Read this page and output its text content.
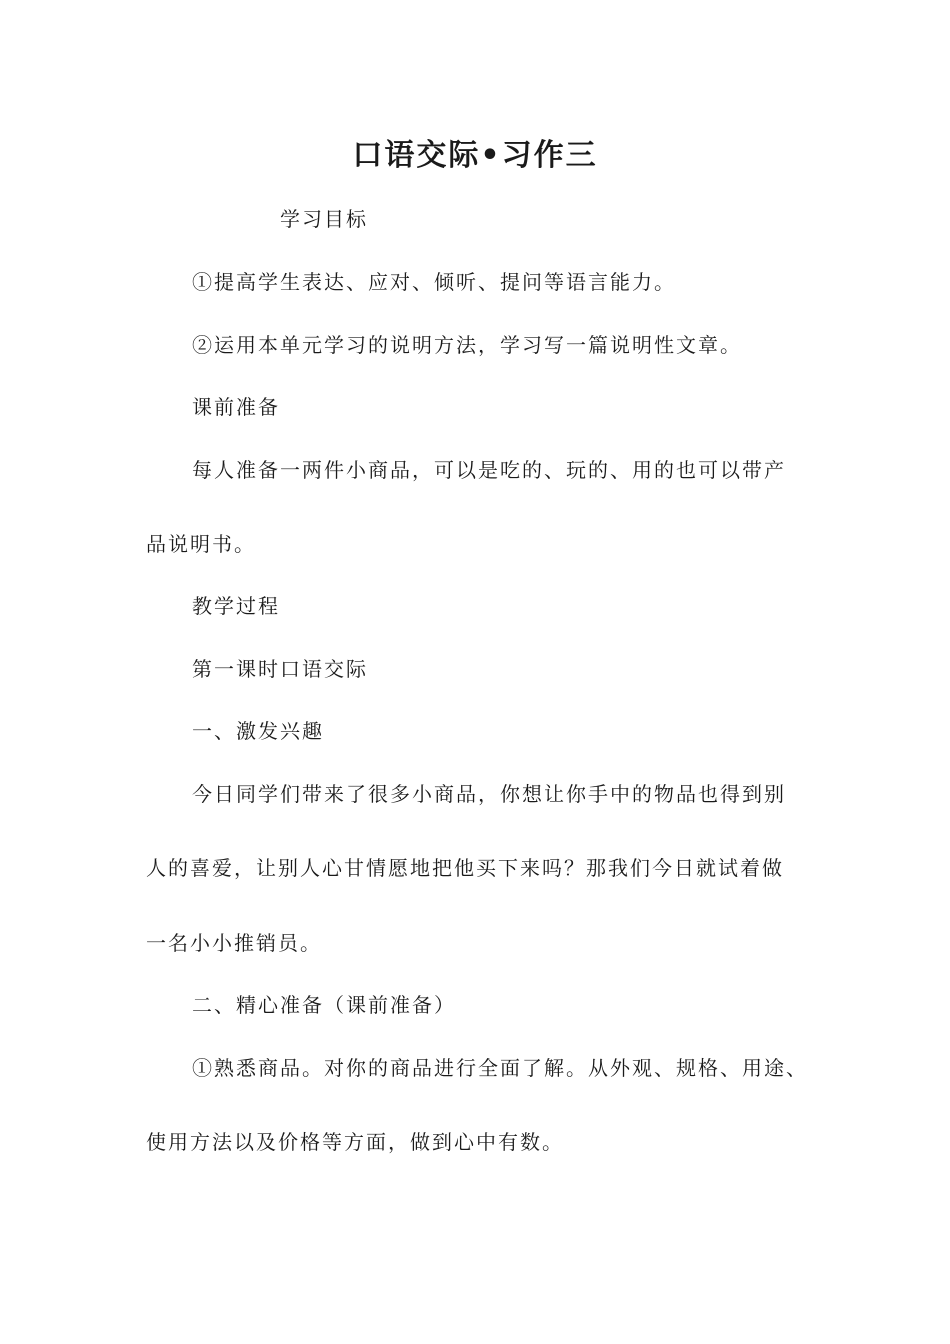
口语交际•习作三
学习目标
①提高学生表达、应对、倾听、提问等语言能力。
②运用本单元学习的说明方法，学习写一篇说明性文章。
课前准备
每人准备一两件小商品，可以是吃的、玩的、用的也可以带产
品说明书。
教学过程
第一课时口语交际
一、激发兴趣
今日同学们带来了很多小商品，你想让你手中的物品也得到别
人的喜爱，让别人心甘情愿地把他买下来吗？那我们今日就试着做
一名小小推销员。
二、精心准备（课前准备）
①熟悉商品。对你的商品进行全面了解。从外观、规格、用途、
使用方法以及价格等方面，做到心中有数。
